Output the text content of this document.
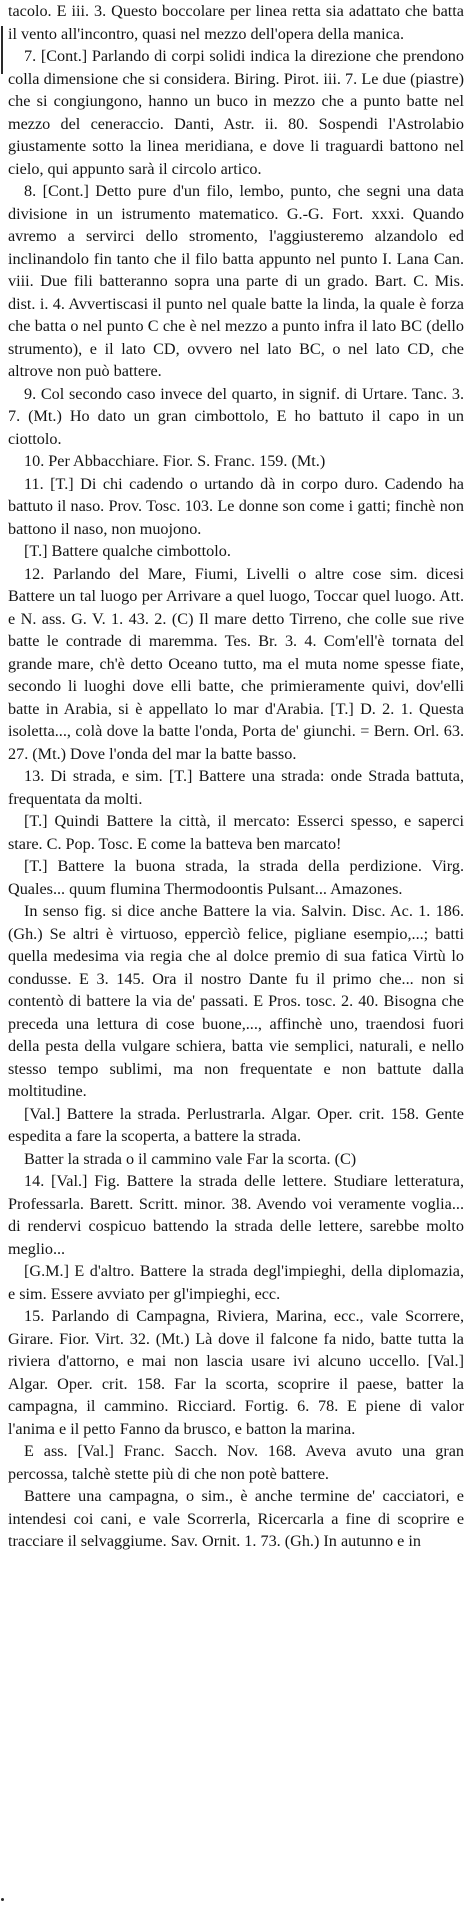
tacolo. E iii. 3. Questo boccolare per linea retta sia adattato che batta il vento all'incontro, quasi nel mezzo dell'opera della manica.
7. [Cont.] Parlando di corpi solidi indica la direzione che prendono colla dimensione che si considera. Biring. Pirot. iii. 7. Le due (piastre) che si congiungono, hanno un buco in mezzo che a punto batte nel mezzo del ceneraccio. Danti, Astr. ii. 80. Sospendi l'Astrolabio giustamente sotto la linea meridiana, e dove li traguardi battono nel cielo, qui appunto sarà il circolo artico.
8. [Cont.] Detto pure d'un filo, lembo, punto, che segni una data divisione in un istrumento matematico. G.-G. Fort. xxxi. Quando avremo a servirci dello stromento, l'aggiusteremo alzandolo ed inclinandolo fin tanto che il filo batta appunto nel punto I. Lana Can. viii. Due fili batteranno sopra una parte di un grado. Bart. C. Mis. dist. i. 4. Avvertiscasi il punto nel quale batte la linda, la quale è forza che batta o nel punto C che è nel mezzo a punto infra il lato BC (dello strumento), e il lato CD, ovvero nel lato BC, o nel lato CD, che altrove non può battere.
9. Col secondo caso invece del quarto, in signif. di Urtare. Tanc. 3. 7. (Mt.) Ho dato un gran cimbottolo, E ho battuto il capo in un ciottolo.
10. Per Abbacchiare. Fior. S. Franc. 159. (Mt.)
11. [T.] Di chi cadendo o urtando dà in corpo duro. Cadendo ha battuto il naso. Prov. Tosc. 103. Le donne son come i gatti; finchè non battono il naso, non muojono.
[T.] Battere qualche cimbottolo.
12. Parlando del Mare, Fiumi, Livelli o altre cose sim. dicesi Battere un tal luogo per Arrivare a quel luogo, Toccar quel luogo. Att. e N. ass. G. V. 1. 43. 2. (C) Il mare detto Tirreno, che colle sue rive batte le contrade di maremma. Tes. Br. 3. 4. Com'ell'è tornata del grande mare, ch'è detto Oceano tutto, ma el muta nome spesse fiate, secondo li luoghi dove elli batte, che primieramente quivi, dov'elli batte in Arabia, si è appellato lo mar d'Arabia. [T.] D. 2. 1. Questa isoletta..., colà dove la batte l'onda, Porta de' giunchi. = Bern. Orl. 63. 27. (Mt.) Dove l'onda del mar la batte basso.
13. Di strada, e sim. [T.] Battere una strada: onde Strada battuta, frequentata da molti.
[T.] Quindi Battere la città, il mercato: Esserci spesso, e saperci stare. C. Pop. Tosc. E come la batteva ben marcato!
[T.] Battere la buona strada, la strada della perdizione. Virg. Quales... quum flumina Thermodoontis Pulsant... Amazones.
In senso fig. si dice anche Battere la via. Salvin. Disc. Ac. 1. 186. (Gh.) Se altri è virtuoso, eppercìò felice, pigliane esempio,...; batti quella medesima via regia che al dolce premio di sua fatica Virtù lo condusse. E 3. 145. Ora il nostro Dante fu il primo che... non si contentò di battere la via de' passati. E Pros. tosc. 2. 40. Bisogna che preceda una lettura di cose buone,..., affinchè uno, traendosi fuori della pesta della vulgare schiera, batta vie semplici, naturali, e nello stesso tempo sublimi, ma non frequentate e non battute dalla moltitudine.
[Val.] Battere la strada. Perlustrarla. Algar. Oper. crit. 158. Gente espedita a fare la scoperta, a battere la strada.
Batter la strada o il cammino vale Far la scorta. (C)
14. [Val.] Fig. Battere la strada delle lettere. Studiare letteratura, Professarla. Barett. Scritt. minor. 38. Avendo voi veramente voglia... di rendervi cospicuo battendo la strada delle lettere, sarebbe molto meglio...
[G.M.] E d'altro. Battere la strada degl'impieghi, della diplomazia, e sim. Essere avviato per gl'impieghi, ecc.
15. Parlando di Campagna, Riviera, Marina, ecc., vale Scorrere, Girare. Fior. Virt. 32. (Mt.) Là dove il falcone fa nido, batte tutta la riviera d'attorno, e mai non lascia usare ivi alcuno uccello. [Val.] Algar. Oper. crit. 158. Far la scorta, scoprire il paese, batter la campagna, il cammino. Ricciard. Fortig. 6. 78. E piene di valor l'anima e il petto Fanno da brusco, e batton la marina.
E ass. [Val.] Franc. Sacch. Nov. 168. Aveva avuto una gran percossa, talchè stette più di che non potè battere.
Battere una campagna, o sim., è anche termine de' cacciatori, e intendesi coi cani, e vale Scorrerla, Ricercarla a fine di scoprire e tracciare il selvaggiume. Sav. Ornit. 1. 73. (Gh.) In autunno e in
